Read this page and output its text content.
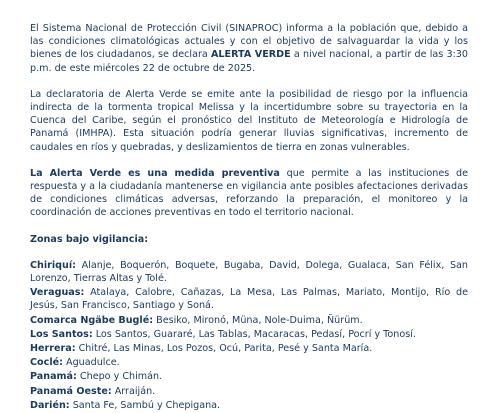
El Sistema Nacional de Protección Civil (SINAPROC) informa a la población que, debido a las condiciones climatológicas actuales y con el objetivo de salvaguardar la vida y los bienes de los ciudadanos, se declara ALERTA VERDE a nivel nacional, a partir de las 3:30 p.m. de este miércoles 22 de octubre de 2025.

La declaratoria de Alerta Verde se emite ante la posibilidad de riesgo por la influencia indirecta de la tormenta tropical Melissa y la incertidumbre sobre su trayectoria en la Cuenca del Caribe, según el pronóstico del Instituto de Meteorología e Hidrología de Panamá (IMHPA). Esta situación podría generar lluvias significativas, incremento de caudales en ríos y quebradas, y deslizamientos de tierra en zonas vulnerables.

La Alerta Verde es una medida preventiva que permite a las instituciones de respuesta y a la ciudadanía mantenerse en vigilancia ante posibles afectaciones derivadas de condiciones climáticas adversas, reforzando la preparación, el monitoreo y la coordinación de acciones preventivas en todo el territorio nacional.

Zonas bajo vigilancia:
Chiriquí: Alanje, Boquerón, Boquete, Bugaba, David, Dolega, Gualaca, San Félix, San Lorenzo, Tierras Altas y Tolé.
Veraguas: Atalaya, Calobre, Cañazas, La Mesa, Las Palmas, Mariato, Montijo, Río de Jesús, San Francisco, Santiago y Soná.
Comarca Ngäbe Buglé: Besiko, Mironó, Müna, Nole-Duima, Ñürüm.
Los Santos: Los Santos, Guararé, Las Tablas, Macaracas, Pedasí, Pocrí y Tonosí.
Herrera: Chitré, Las Minas, Los Pozos, Ocú, Parita, Pesé y Santa María.
Coclé: Aguadulce.
Panamá: Chepo y Chimán.
Panamá Oeste: Arraiján.
Darién: Santa Fe, Sambú y Chepigana.
